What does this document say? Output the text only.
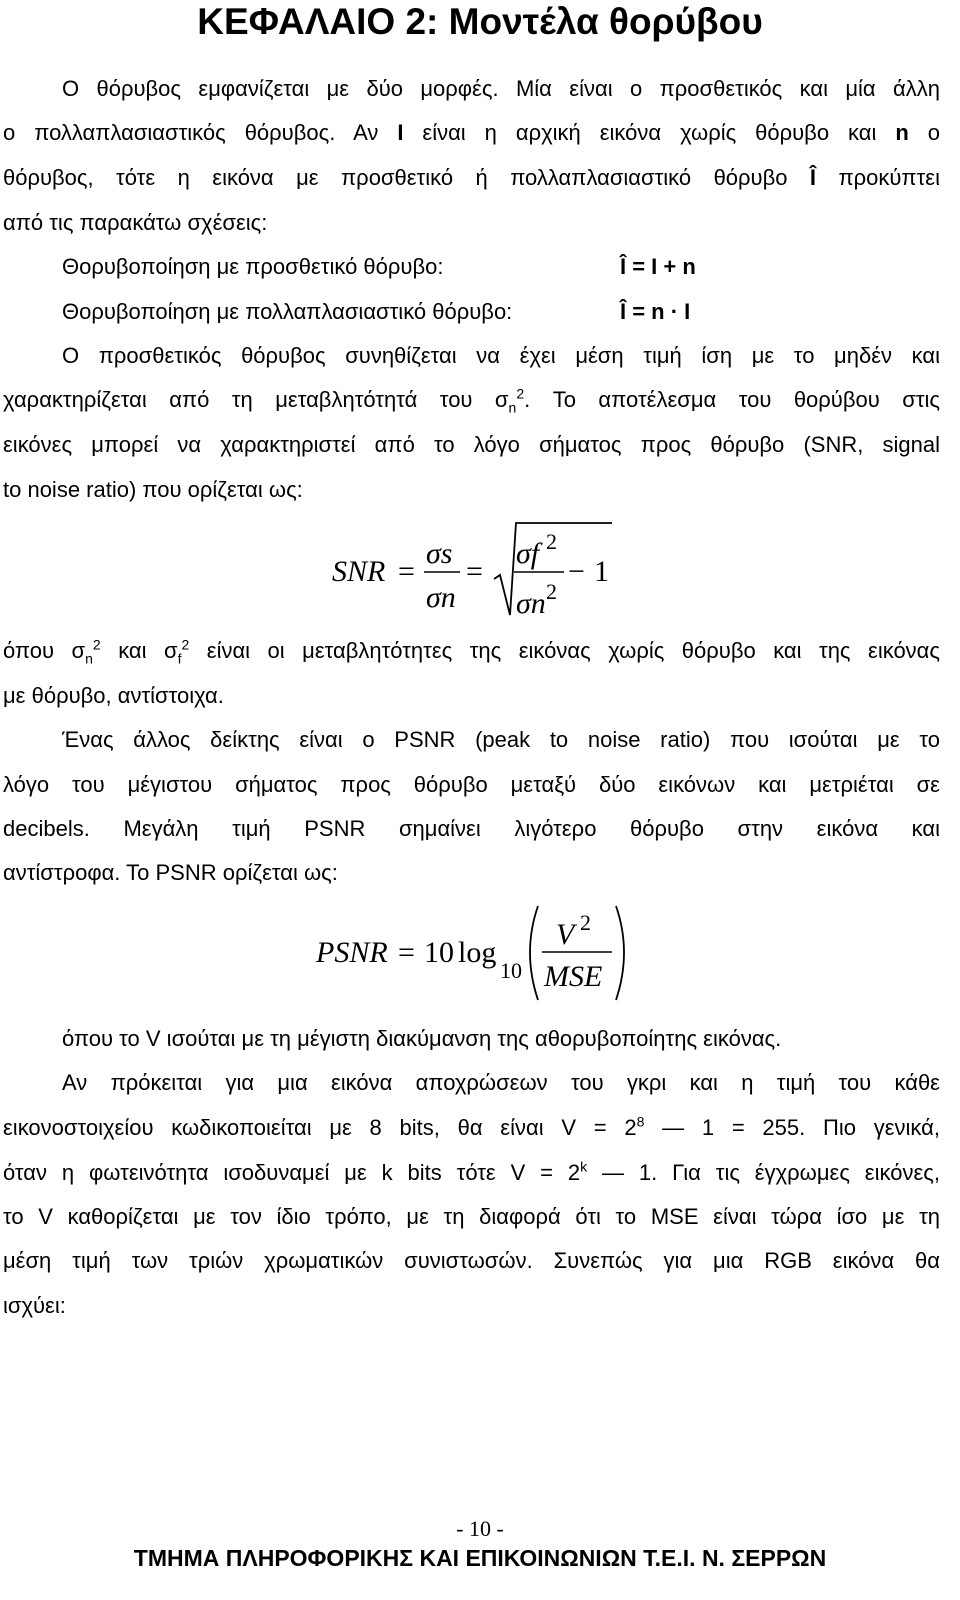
ΚΕΦΑΛΑΙΟ 2: Μοντέλα θορύβου
Ο θόρυβος εμφανίζεται με δύο μορφές. Μία είναι ο προσθετικός και μία άλλη
ο πολλαπλασιαστικός θόρυβος. Αν I είναι η αρχική εικόνα χωρίς θόρυβο και n ο
θόρυβος, τότε η εικόνα με προσθετικό ή πολλαπλασιαστικό θόρυβο Î προκύπτει
από τις παρακάτω σχέσεις:
Θορυβοποίηση με προσθετικό θόρυβο:	Î = I + n
Θορυβοποίηση με πολλαπλασιαστικό θόρυβο:	Î = n · I
Ο προσθετικός θόρυβος συνηθίζεται να έχει μέση τιμή ίση με το μηδέν και
χαρακτηρίζεται από τη μεταβλητότητά του $\sigma_n^2$. Το αποτέλεσμα του θορύβου στις
εικόνες μπορεί να χαρακτηριστεί από το λόγο σήματος προς θόρυβο (SNR, signal
to noise ratio) που ορίζεται ως:
SNR =
σs
σn
=
σf 2
σn 2
− 1
όπου $\sigma_n^2$ και $\sigma_f^2$ είναι οι μεταβλητότητες της εικόνας χωρίς θόρυβο και της εικόνας
με θόρυβο, αντίστοιχα.
Ένας άλλος δείκτης είναι ο PSNR (peak to noise ratio) που ισούται με το
λόγο του μέγιστου σήματος προς θόρυβο μεταξύ δύο εικόνων και μετριέται σε
decibels. Μεγάλη τιμή PSNR σημαίνει λιγότερο θόρυβο στην εικόνα και
αντίστροφα. Το PSNR ορίζεται ως:
PSNR = 10 log
10
V 2
MSE
όπου το V ισούται με τη μέγιστη διακύμανση της αθορυβοποίητης εικόνας.
Αν πρόκειται για μια εικόνα αποχρώσεων του γκρι και η τιμή του κάθε
εικονοστοιχείου κωδικοποιείται με 8 bits, θα είναι $V = 2^8$ — 1 = 255. Πιο γενικά,
όταν η φωτεινότητα ισοδυναμεί με k bits τότε $V = 2^k$ — 1. Για τις έγχρωμες εικόνες,
το V καθορίζεται με τον ίδιο τρόπο, με τη διαφορά ότι το MSE είναι τώρα ίσο με τη
μέση τιμή των τριών χρωματικών συνιστωσών. Συνεπώς για μια RGB εικόνα θα
ισχύει:
- 10 -
ΤΜΗΜΑ ΠΛΗΡΟΦΟΡΙΚΗΣ ΚΑΙ ΕΠΙΚΟΙΝΩΝΙΩΝ Τ.Ε.Ι. Ν. ΣΕΡΡΩΝ
